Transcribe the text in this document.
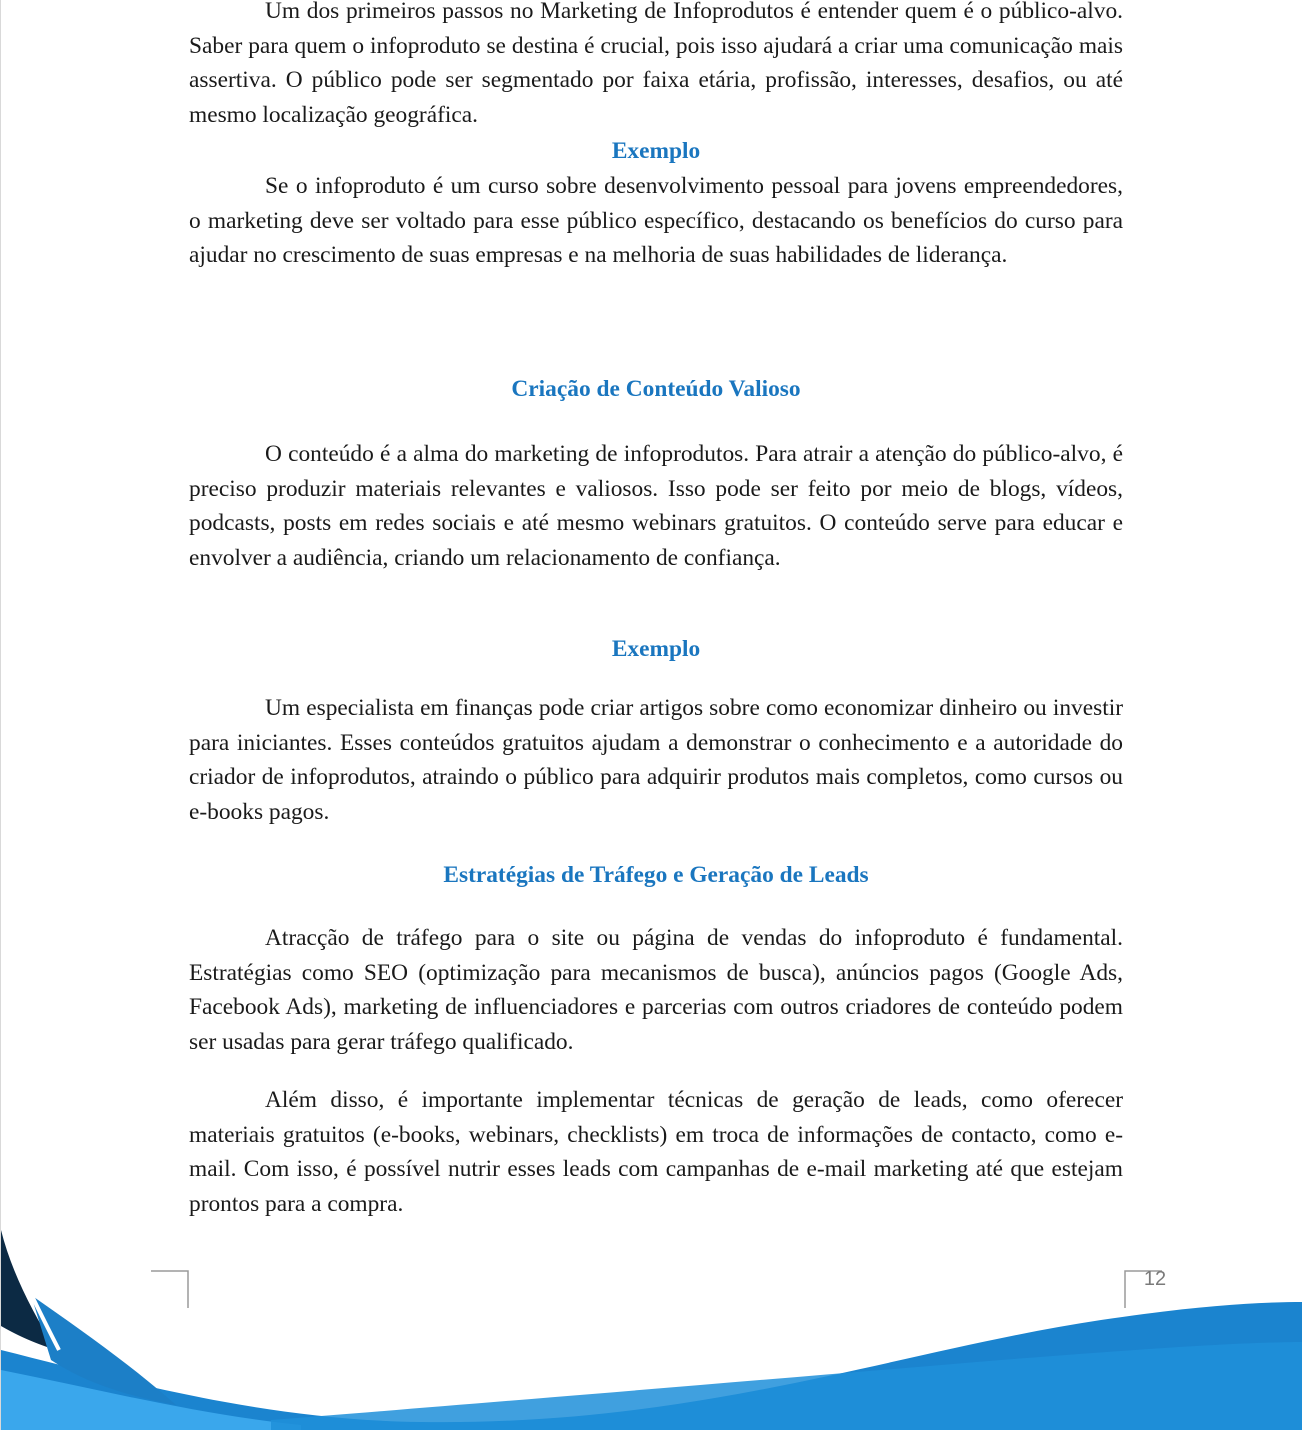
Um dos primeiros passos no Marketing de Infoprodutos é entender quem é o público-alvo. Saber para quem o infoproduto se destina é crucial, pois isso ajudará a criar uma comunicação mais assertiva. O público pode ser segmentado por faixa etária, profissão, interesses, desafios, ou até mesmo localização geográfica.

Exemplo

Se o infoproduto é um curso sobre desenvolvimento pessoal para jovens empreendedores, o marketing deve ser voltado para esse público específico, destacando os benefícios do curso para ajudar no crescimento de suas empresas e na melhoria de suas habilidades de liderança.

Criação de Conteúdo Valioso

O conteúdo é a alma do marketing de infoprodutos. Para atrair a atenção do público-alvo, é preciso produzir materiais relevantes e valiosos. Isso pode ser feito por meio de blogs, vídeos, podcasts, posts em redes sociais e até mesmo webinars gratuitos. O conteúdo serve para educar e envolver a audiência, criando um relacionamento de confiança.

Exemplo

Um especialista em finanças pode criar artigos sobre como economizar dinheiro ou investir para iniciantes. Esses conteúdos gratuitos ajudam a demonstrar o conhecimento e a autoridade do criador de infoprodutos, atraindo o público para adquirir produtos mais completos, como cursos ou e-books pagos.

Estratégias de Tráfego e Geração de Leads

Atracção de tráfego para o site ou página de vendas do infoproduto é fundamental. Estratégias como SEO (optimização para mecanismos de busca), anúncios pagos (Google Ads, Facebook Ads), marketing de influenciadores e parcerias com outros criadores de conteúdo podem ser usadas para gerar tráfego qualificado.

Além disso, é importante implementar técnicas de geração de leads, como oferecer materiais gratuitos (e-books, webinars, checklists) em troca de informações de contacto, como e-mail. Com isso, é possível nutrir esses leads com campanhas de e-mail marketing até que estejam prontos para a compra.

12
